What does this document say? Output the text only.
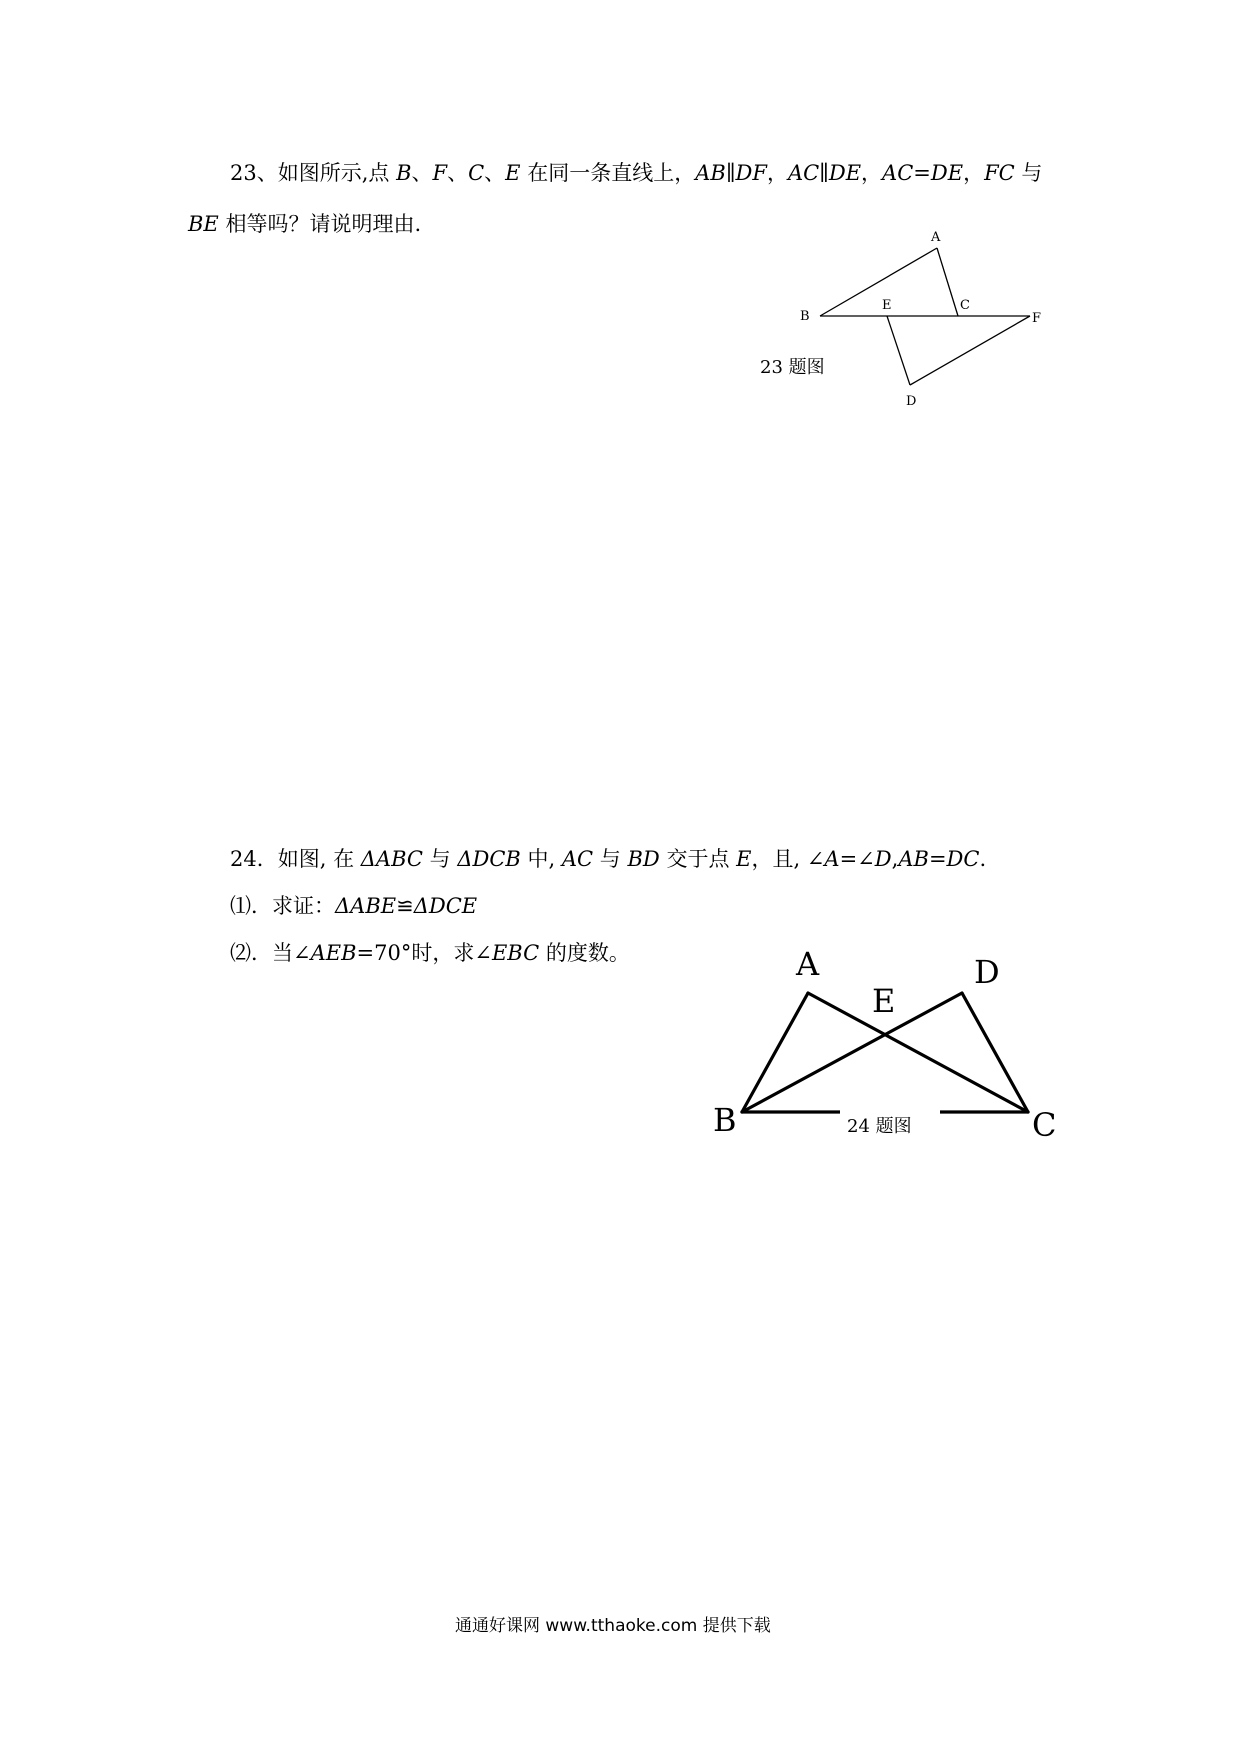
23、如图所示,点 B、F、C、E 在同一条直线上，AB∥DF，AC∥DE，AC=DE，FC 与
BE 相等吗？请说明理由.
A
B
E	C
F
D
23 题图
24．如图, 在 ΔABC 与 ΔDCB 中, AC 与 BD 交于点 E，且, ∠A=∠D,AB=DC.
⑴．求证：ΔABE≌ΔDCE
⑵．当∠AEB=70°时，求∠EBC 的度数。	A
E
D
B	C
24 题图
通通好课网 www.tthaoke.com 提供下载
